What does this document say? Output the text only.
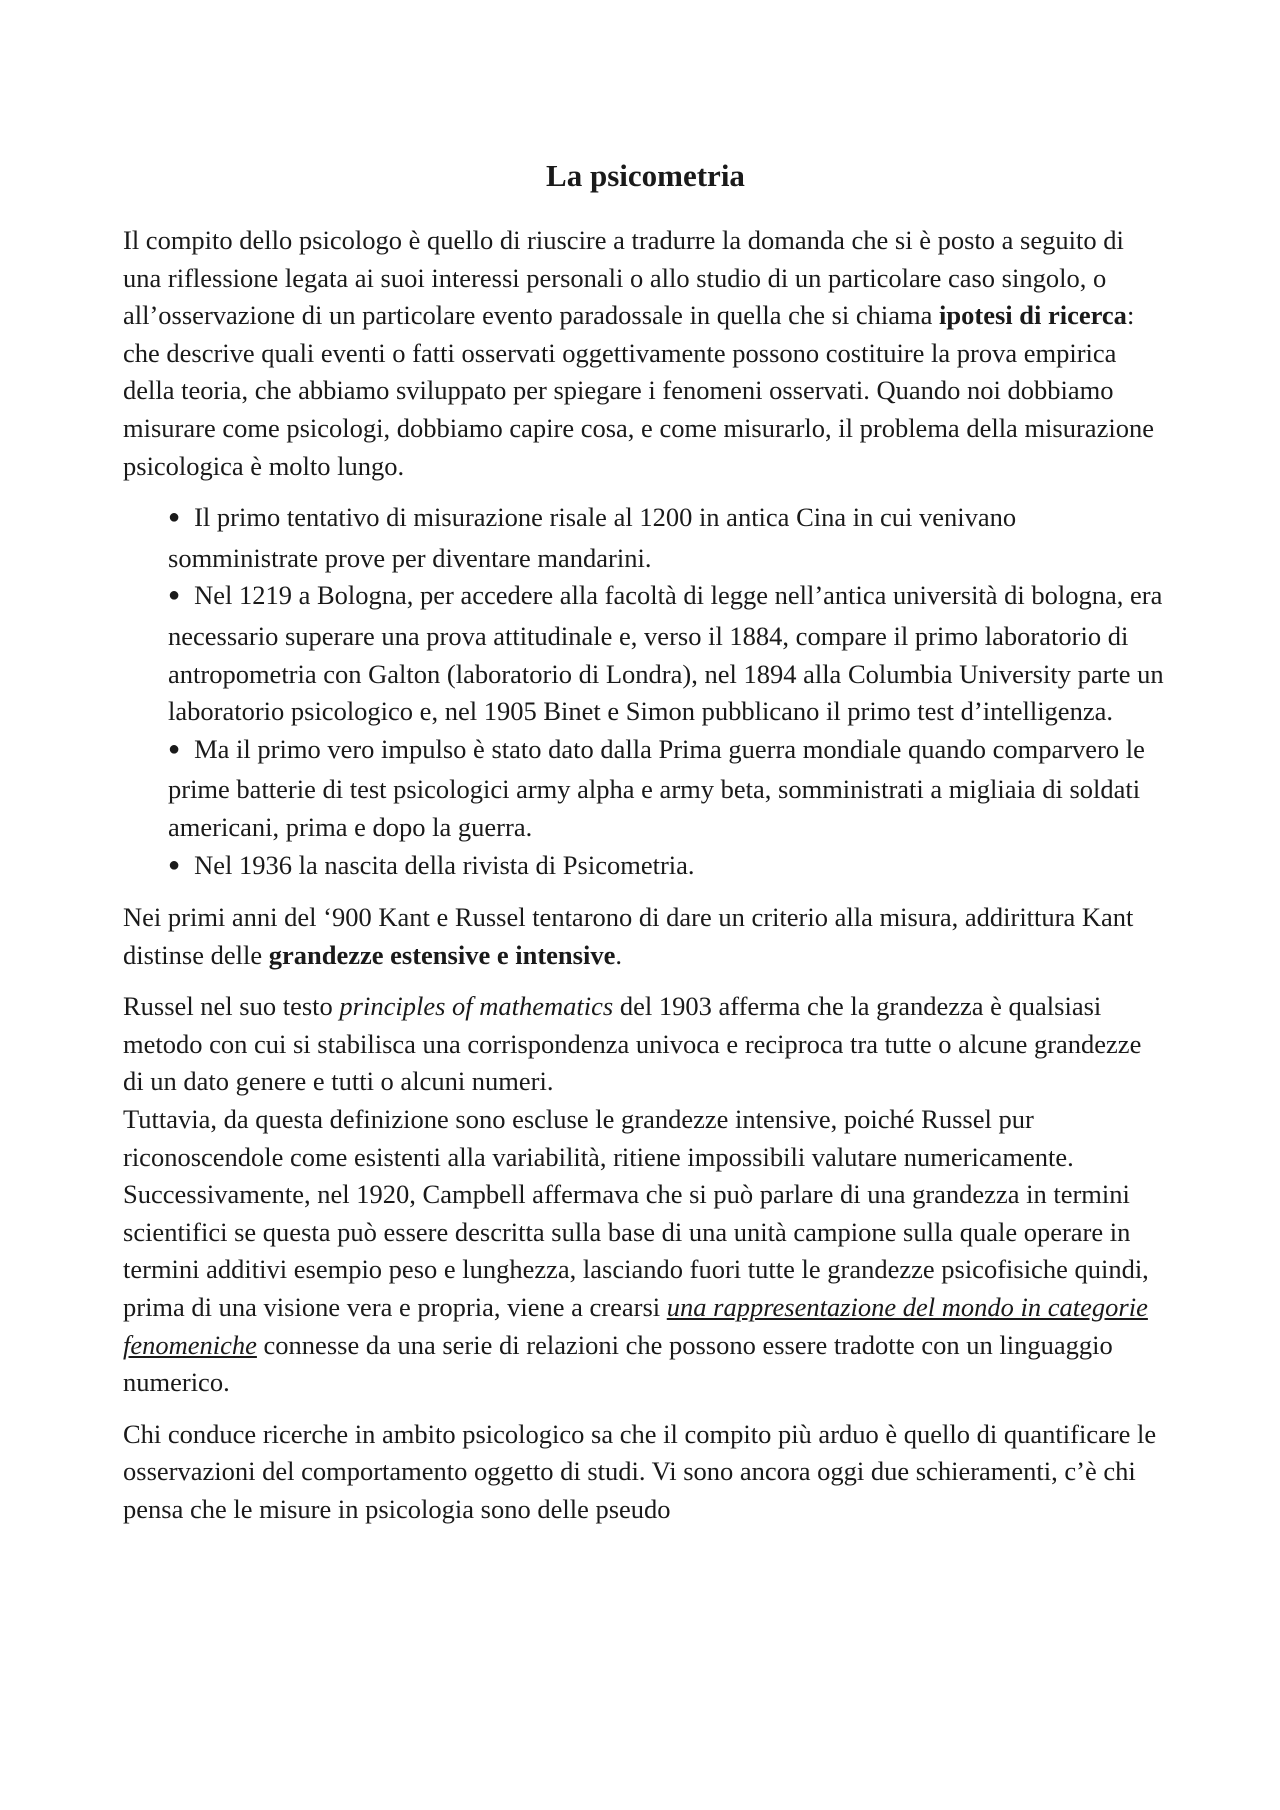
La psicometria

Il compito dello psicologo è quello di riuscire a tradurre la domanda che si è posto a seguito di una riflessione legata ai suoi interessi personali o allo studio di un particolare caso singolo, o all’osservazione di un particolare evento paradossale in quella che si chiama ipotesi di ricerca: che descrive quali eventi o fatti osservati oggettivamente possono costituire la prova empirica della teoria, che abbiamo sviluppato per spiegare i fenomeni osservati. Quando noi dobbiamo misurare come psicologi, dobbiamo capire cosa, e come misurarlo, il problema della misurazione psicologica è molto lungo.

● Il primo tentativo di misurazione risale al 1200 in antica Cina in cui venivano somministrate prove per diventare mandarini.
● Nel 1219 a Bologna, per accedere alla facoltà di legge nell’antica università di bologna, era necessario superare una prova attitudinale e, verso il 1884, compare il primo laboratorio di antropometria con Galton (laboratorio di Londra), nel 1894 alla Columbia University parte un laboratorio psicologico e, nel 1905 Binet e Simon pubblicano il primo test d’intelligenza.
● Ma il primo vero impulso è stato dato dalla Prima guerra mondiale quando comparvero le prime batterie di test psicologici army alpha e army beta, somministrati a migliaia di soldati americani, prima e dopo la guerra.
● Nel 1936 la nascita della rivista di Psicometria.

Nei primi anni del ‘900 Kant e Russel tentarono di dare un criterio alla misura, addirittura Kant distinse delle grandezze estensive e intensive.

Russel nel suo testo principles of mathematics del 1903 afferma che la grandezza è qualsiasi metodo con cui si stabilisca una corrispondenza univoca e reciproca tra tutte o alcune grandezze di un dato genere e tutti o alcuni numeri.

Tuttavia, da questa definizione sono escluse le grandezze intensive, poiché Russel pur riconoscendole come esistenti alla variabilità, ritiene impossibili valutare numericamente. Successivamente, nel 1920, Campbell affermava che si può parlare di una grandezza in termini scientifici se questa può essere descritta sulla base di una unità campione sulla quale operare in termini additivi esempio peso e lunghezza, lasciando fuori tutte le grandezze psicofisiche quindi, prima di una visione vera e propria, viene a crearsi una rappresentazione del mondo in categorie fenomeniche connesse da una serie di relazioni che possono essere tradotte con un linguaggio numerico.

Chi conduce ricerche in ambito psicologico sa che il compito più arduo è quello di quantificare le osservazioni del comportamento oggetto di studi. Vi sono ancora oggi due schieramenti, c’è chi pensa che le misure in psicologia sono delle pseudo
